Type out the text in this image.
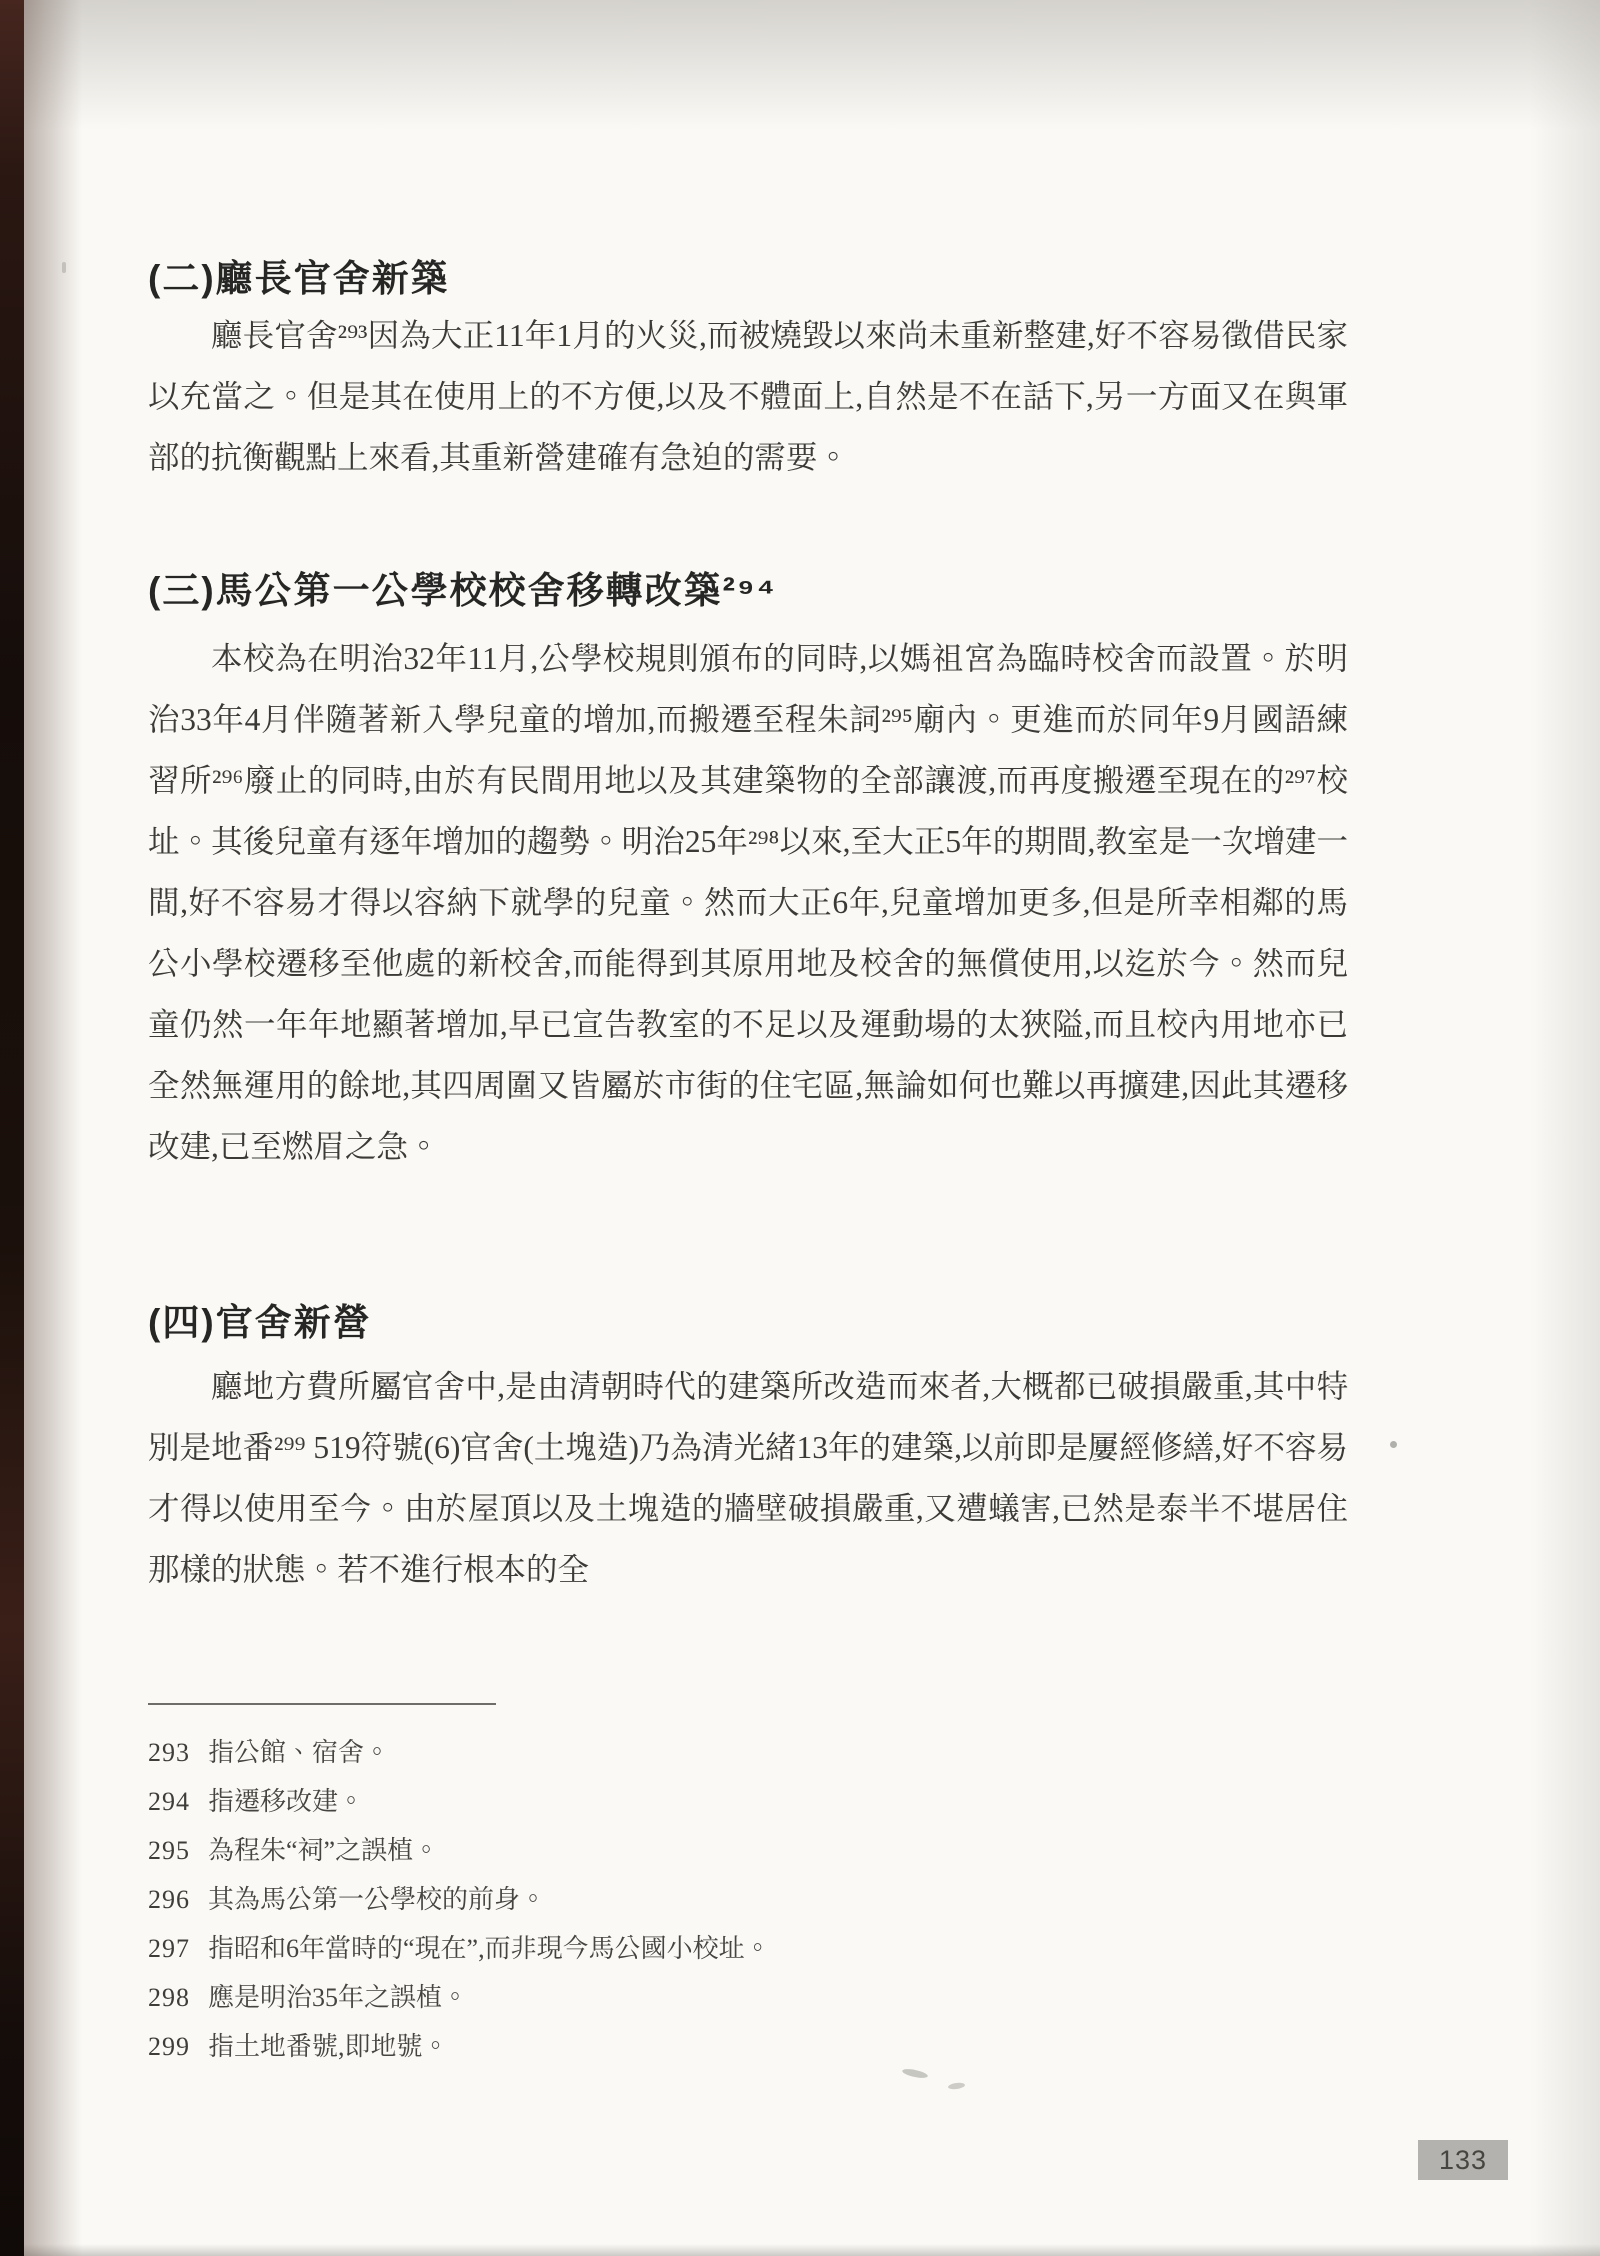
(二)廳長官舍新築

廳長官舍²⁹³因為大正11年1月的火災,而被燒毀以來尚未重新整建,好不容易徵借民家以充當之。但是其在使用上的不方便,以及不體面上,自然是不在話下,另一方面又在與軍部的抗衡觀點上來看,其重新營建確有急迫的需要。

(三)馬公第一公學校校舍移轉改築²⁹⁴

本校為在明治32年11月,公學校規則頒布的同時,以媽祖宮為臨時校舍而設置。於明治33年4月伴隨著新入學兒童的增加,而搬遷至程朱詞²⁹⁵廟內。更進而於同年9月國語練習所²⁹⁶廢止的同時,由於有民間用地以及其建築物的全部讓渡,而再度搬遷至現在的²⁹⁷校址。其後兒童有逐年增加的趨勢。明治25年²⁹⁸以來,至大正5年的期間,教室是一次增建一間,好不容易才得以容納下就學的兒童。然而大正6年,兒童增加更多,但是所幸相鄰的馬公小學校遷移至他處的新校舍,而能得到其原用地及校舍的無償使用,以迄於今。然而兒童仍然一年年地顯著增加,早已宣告教室的不足以及運動場的太狹隘,而且校內用地亦已全然無運用的餘地,其四周圍又皆屬於市街的住宅區,無論如何也難以再擴建,因此其遷移改建,已至燃眉之急。

(四)官舍新營

廳地方費所屬官舍中,是由清朝時代的建築所改造而來者,大概都已破損嚴重,其中特別是地番²⁹⁹ 519符號(6)官舍(土塊造)乃為清光緒13年的建築,以前即是屢經修繕,好不容易才得以使用至今。由於屋頂以及土塊造的牆壁破損嚴重,又遭蟻害,已然是泰半不堪居住那樣的狀態。若不進行根本的全

293 指公館、宿舍。
294 指遷移改建。
295 為程朱“祠”之誤植。
296 其為馬公第一公學校的前身。
297 指昭和6年當時的“現在”,而非現今馬公國小校址。
298 應是明治35年之誤植。
299 指土地番號,即地號。
133
